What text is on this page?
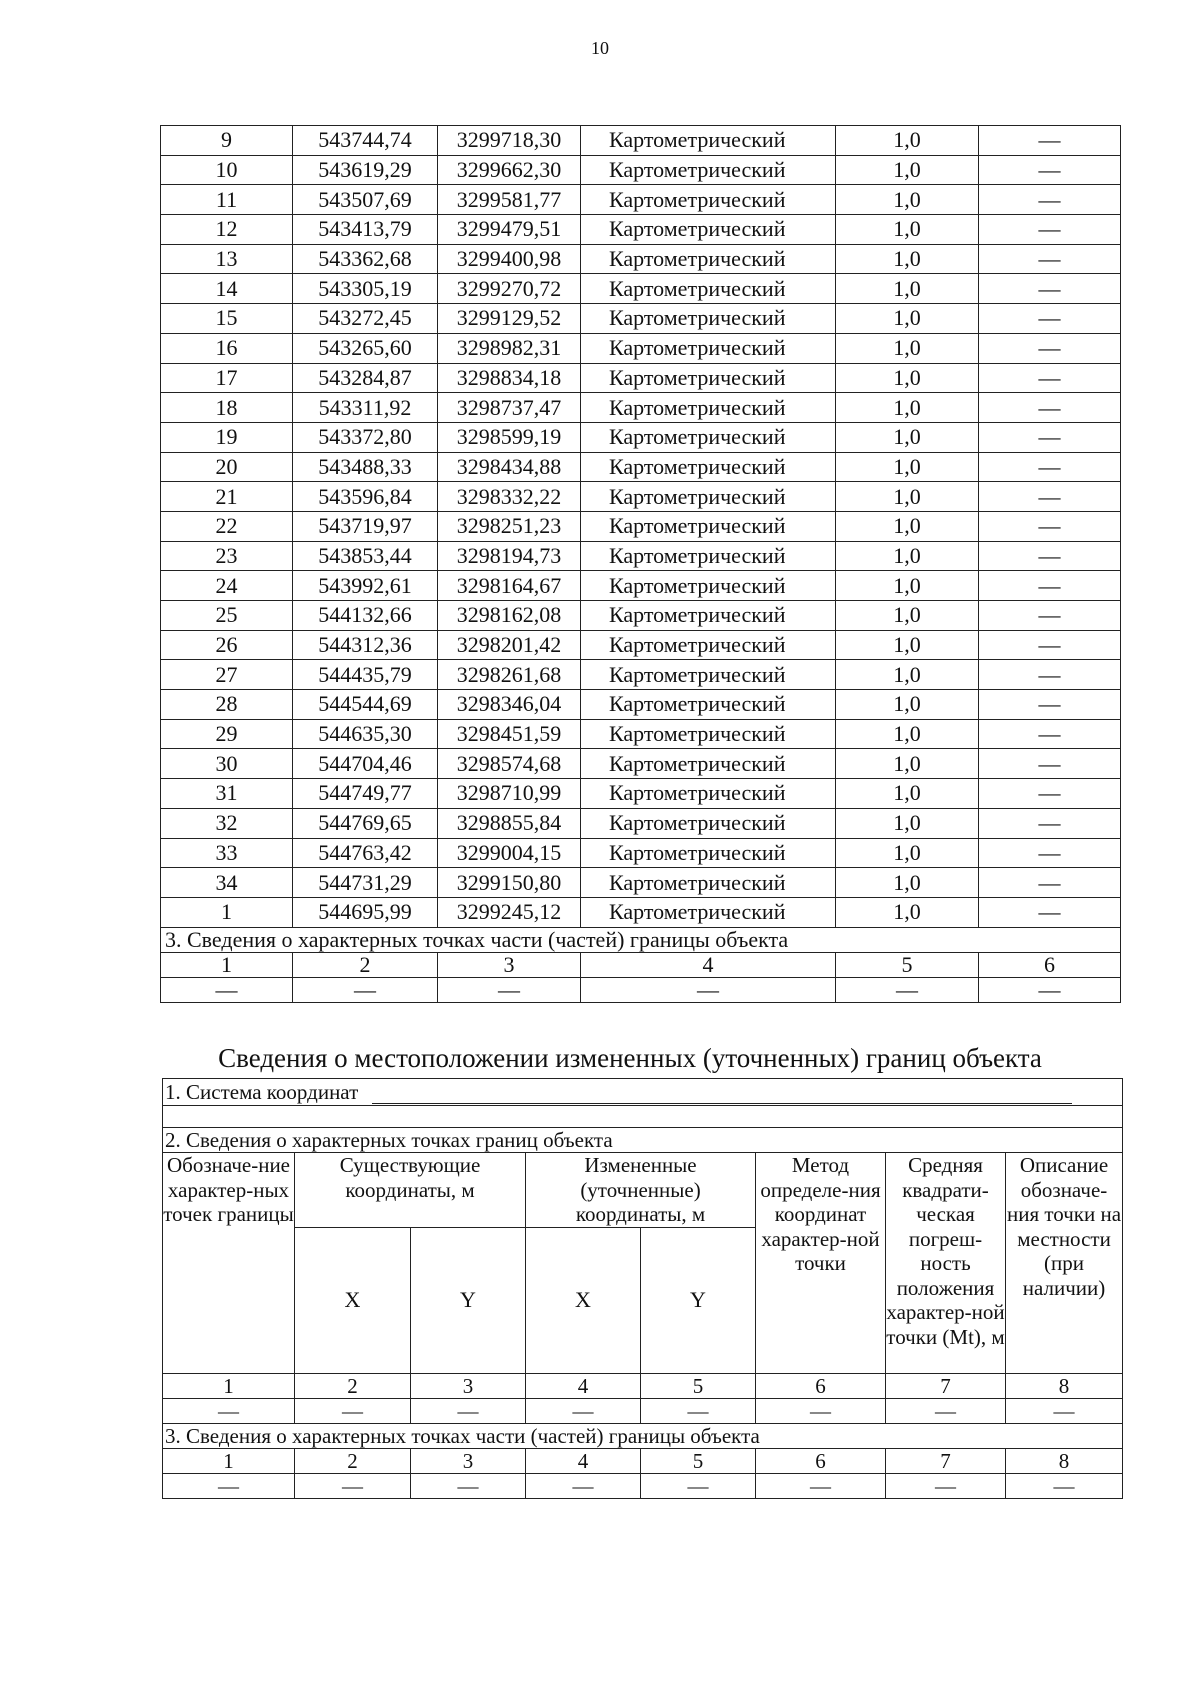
10
9	543744,74	3299718,30	Картометрический	1,0	—
10	543619,29	3299662,30	Картометрический	1,0	—
11	543507,69	3299581,77	Картометрический	1,0	—
12	543413,79	3299479,51	Картометрический	1,0	—
13	543362,68	3299400,98	Картометрический	1,0	—
14	543305,19	3299270,72	Картометрический	1,0	—
15	543272,45	3299129,52	Картометрический	1,0	—
16	543265,60	3298982,31	Картометрический	1,0	—
17	543284,87	3298834,18	Картометрический	1,0	—
18	543311,92	3298737,47	Картометрический	1,0	—
19	543372,80	3298599,19	Картометрический	1,0	—
20	543488,33	3298434,88	Картометрический	1,0	—
21	543596,84	3298332,22	Картометрический	1,0	—
22	543719,97	3298251,23	Картометрический	1,0	—
23	543853,44	3298194,73	Картометрический	1,0	—
24	543992,61	3298164,67	Картометрический	1,0	—
25	544132,66	3298162,08	Картометрический	1,0	—
26	544312,36	3298201,42	Картометрический	1,0	—
27	544435,79	3298261,68	Картометрический	1,0	—
28	544544,69	3298346,04	Картометрический	1,0	—
29	544635,30	3298451,59	Картометрический	1,0	—
30	544704,46	3298574,68	Картометрический	1,0	—
31	544749,77	3298710,99	Картометрический	1,0	—
32	544769,65	3298855,84	Картометрический	1,0	—
33	544763,42	3299004,15	Картометрический	1,0	—
34	544731,29	3299150,80	Картометрический	1,0	—
1	544695,99	3299245,12	Картометрический	1,0	—
3. Сведения о характерных точках части (частей) границы объекта					
1	2	3	4	5	6
—	—	—	—	—	—
Сведения о местоположении измененных (уточненных) границ объекта
1. Система координат							

2. Сведения о характерных точках границ объекта							
Обозначе-ние характер-ных точек границы	Существующие координаты, м		Измененные (уточненные) координаты, м		Метод определе-ния координат характер-ной точки	Средняя квадрати-ческая погреш-ность положения характер-ной точки (Mt), м	Описание обозначе-ния точки на местности (при наличии)
	X	Y	X	Y			
1	2	3	4	5	6	7	8
—	—	—	—	—	—	—	—
3. Сведения о характерных точках части (частей) границы объекта							
1	2	3	4	5	6	7	8
—	—	—	—	—	—	—	—
